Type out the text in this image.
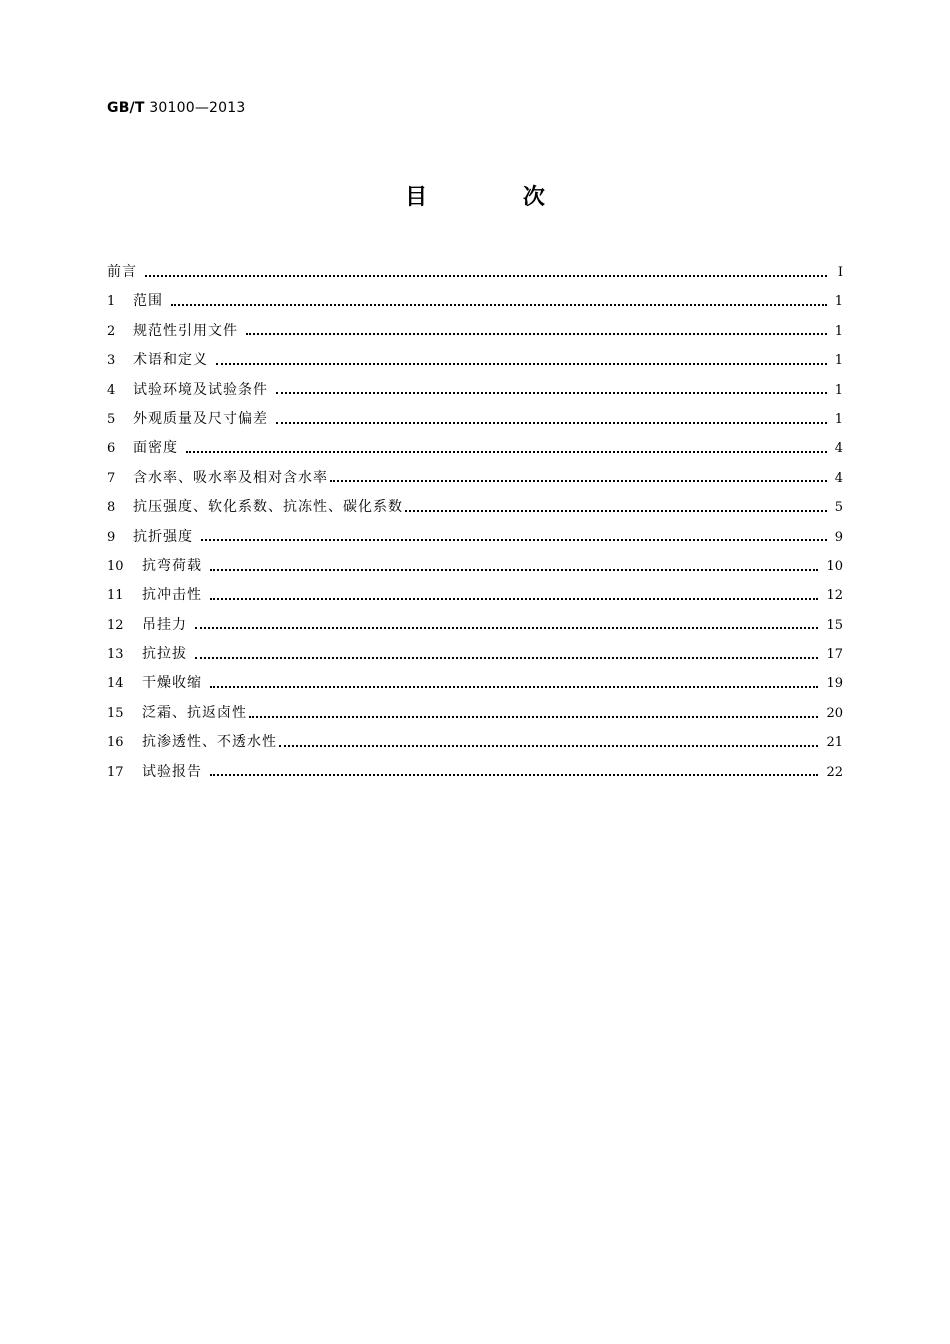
GB/T 30100—2013
目 次
前言	Ⅰ
1	范围	1
2	规范性引用文件	1
3	术语和定义	1
4	试验环境及试验条件	1
5	外观质量及尺寸偏差	1
6	面密度	4
7	含水率、吸水率及相对含水率	4
8	抗压强度、软化系数、抗冻性、碳化系数	5
9	抗折强度	9
10	抗弯荷载	10
11	抗冲击性	12
12	吊挂力	15
13	抗拉拔	17
14	干燥收缩	19
15	泛霜、抗返卤性	20
16	抗渗透性、不透水性	21
17	试验报告	22
